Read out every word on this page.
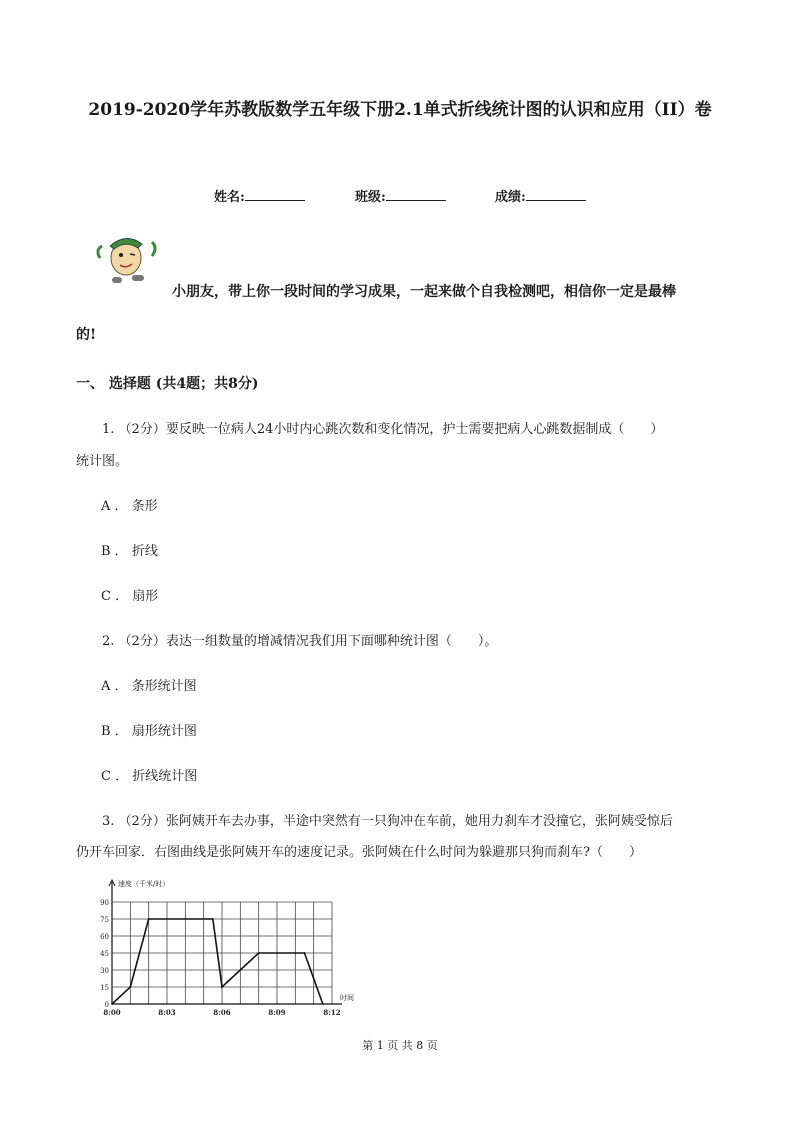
2019-2020学年苏教版数学五年级下册2.1单式折线统计图的认识和应用（II）卷
姓名:	班级:	成绩:
小朋友，带上你一段时间的学习成果，一起来做个自我检测吧，相信你一定是最棒
的!
一、 选择题 (共4题；共8分)
1. （2分）要反映一位病人24小时内心跳次数和变化情况，护士需要把病人心跳数据制成（　　）
统计图。
A ． 条形
B ． 折线
C ． 扇形
2. （2分）表达一组数量的增减情况我们用下面哪种统计图（　　）。
A ． 条形统计图
B ． 扇形统计图
C ． 折线统计图
3. （2分）张阿姨开车去办事，半途中突然有一只狗冲在车前，她用力刹车才没撞它，张阿姨受惊后
仍开车回家．右图曲线是张阿姨开车的速度记录。张阿姨在什么时间为躲避那只狗而刹车?（　　）
0
15
30
45
60
75
90
8:00	8:03	8:06	8:09	8:12
速度（千米/时）
时间
第 1 页 共 8 页
